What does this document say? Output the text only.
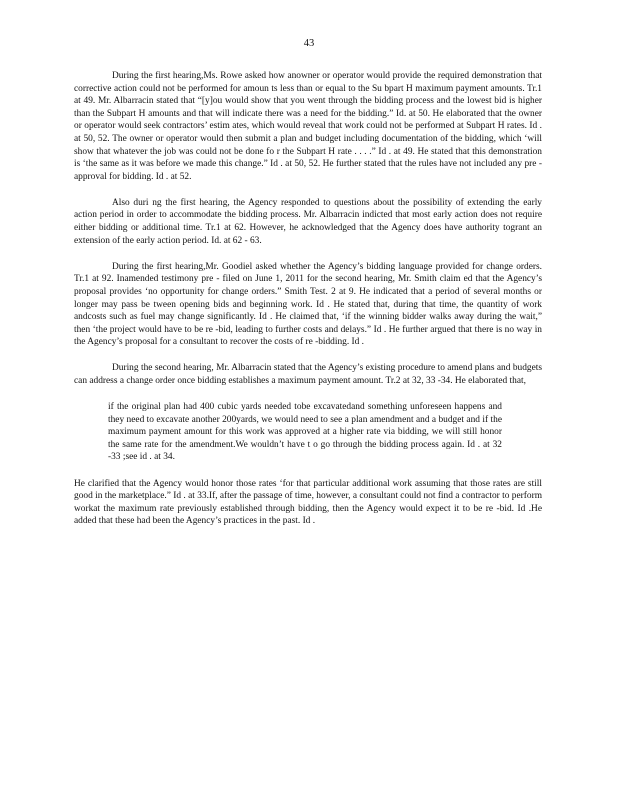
43

During the first hearing,Ms. Rowe asked how anowner or operator would provide the required demonstration that corrective action could not be performed for amoun ts less than or equal to the Su bpart H maximum payment amounts. Tr.1 at 49. Mr. Albarracin stated that “[y]ou would show that you went through the bidding process and the lowest bid is higher than the Subpart H amounts and that will indicate there was a need for the bidding.” Id. at 50. He elaborated that the owner or operator would seek contractors’ estim ates, which would reveal that work could not be performed at Subpart H rates. Id . at 50, 52. The owner or operator would then submit a plan and budget including documentation of the bidding, which ‘will show that whatever the job was could not be done fo r the Subpart H rate . . . .” Id . at 49. He stated that this demonstration is ‘the same as it was before we made this change.” Id . at 50, 52. He further stated that the rules have not included any pre -approval for bidding. Id . at 52.

Also duri ng the first hearing, the Agency responded to questions about the possibility of extending the early action period in order to accommodate the bidding process. Mr. Albarracin indicted that most early action does not require either bidding or additional time. Tr.1 at 62. However, he acknowledged that the Agency does have authority togrant an extension of the early action period. Id. at 62 - 63.

During the first hearing,Mr. Goodiel asked whether the Agency’s bidding language provided for change orders. Tr.1 at 92. Inamended testimony pre - filed on June 1, 2011 for the second hearing, Mr. Smith claim ed that the Agency’s proposal provides ‘no opportunity for change orders.” Smith Test. 2 at 9. He indicated that a period of several months or longer may pass be tween opening bids and beginning work. Id . He stated that, during that time, the quantity of work andcosts such as fuel may change significantly. Id . He claimed that, ‘if the winning bidder walks away during the wait,” then ‘the project would have to be re -bid, leading to further costs and delays.” Id . He further argued that there is no way in the Agency’s proposal for a consultant to recover the costs of re -bidding. Id .

During the second hearing, Mr. Albarracin stated that the Agency’s existing procedure to amend plans and budgets can address a change order once bidding establishes a maximum payment amount. Tr.2 at 32, 33 -34. He elaborated that,

if the original plan had 400 cubic yards needed tobe excavatedand something unforeseen happens and they need to excavate another 200yards, we would need to see a plan amendment and a budget and if the maximum payment amount for this work was approved at a higher rate via bidding, we will still honor the same rate for the amendment.We wouldn’t have t o go through the bidding process again. Id . at 32 -33 ;see id . at 34.

He clarified that the Agency would honor those rates ‘for that particular additional work assuming that those rates are still good in the marketplace.” Id . at 33.If, after the passage of time, however, a consultant could not find a contractor to perform workat the maximum rate previously established through bidding, then the Agency would expect it to be re -bid. Id .He added that these had been the Agency’s practices in the past. Id .
